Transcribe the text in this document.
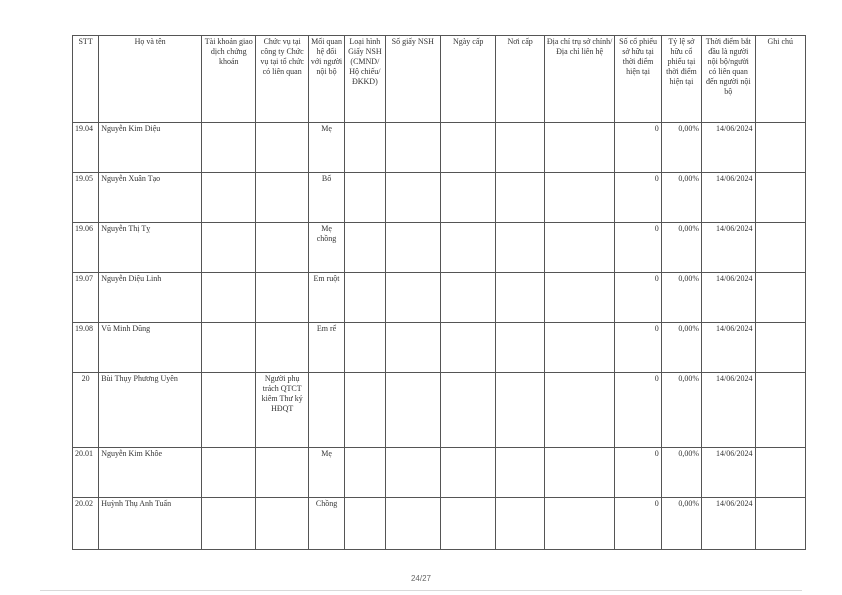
STT	Họ và tên	Tài khoản giao dịch chứng khoán	Chức vụ tại công ty Chức vụ tại tổ chức có liên quan	Mối quan hệ đối với người nội bộ	Loại hình Giấy NSH (CMND/ Hộ chiếu/ ĐKKD)	Số giấy NSH	Ngày cấp	Nơi cấp	Địa chỉ trụ sở chính/ Địa chỉ liên hệ	Số cổ phiếu sở hữu tại thời điểm hiện tại	Tỷ lệ sở hữu cổ phiếu tại thời điểm hiện tại	Thời điểm bắt đầu là người nội bộ/người có liên quan đến người nội bộ	Ghi chú
19.04	Nguyễn Kim Diệu			Mẹ						0	0,00%	14/06/2024	
19.05	Nguyễn Xuân Tạo			Bố						0	0,00%	14/06/2024	
19.06	Nguyễn Thị Tỵ			Mẹ chồng						0	0,00%	14/06/2024	
19.07	Nguyễn Diệu Linh			Em ruột						0	0,00%	14/06/2024	
19.08	Vũ Minh Dũng			Em rể						0	0,00%	14/06/2024	
20	Bùi Thụy Phương Uyên		Người phụ trách QTCT kiêm Thư ký HĐQT							0	0,00%	14/06/2024	
20.01	Nguyễn Kim Khôe			Mẹ						0	0,00%	14/06/2024	
20.02	Huỳnh Thụ Anh Tuấn			Chồng						0	0,00%	14/06/2024	
24/27
